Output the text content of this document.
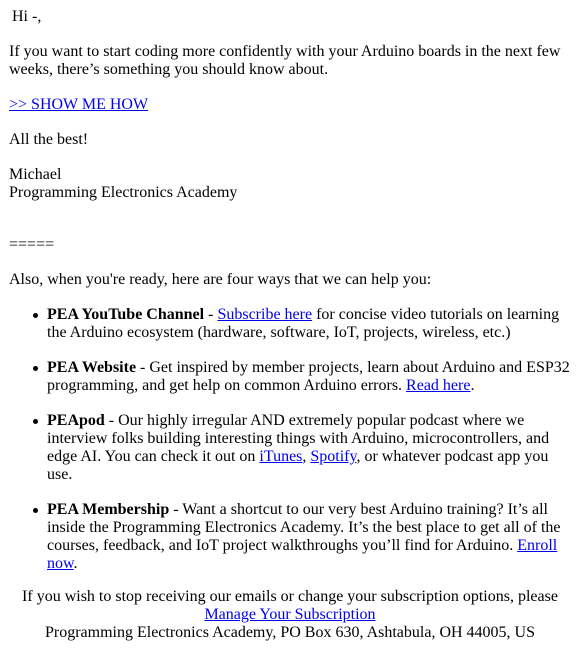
Hi -,

If you want to start coding more confidently with your Arduino boards in the next few weeks, there’s something you should know about.

>> SHOW ME HOW

All the best!

Michael
Programming Electronics Academy

=====

Also, when you're ready, here are four ways that we can help you:

PEA YouTube Channel - Subscribe here for concise video tutorials on learning the Arduino ecosystem (hardware, software, IoT, projects, wireless, etc.)
PEA Website - Get inspired by member projects, learn about Arduino and ESP32 programming, and get help on common Arduino errors. Read here.
PEApod - Our highly irregular AND extremely popular podcast where we interview folks building interesting things with Arduino, microcontrollers, and edge AI. You can check it out on iTunes, Spotify, or whatever podcast app you use.
PEA Membership - Want a shortcut to our very best Arduino training? It’s all inside the Programming Electronics Academy. It’s the best place to get all of the courses, feedback, and IoT project walkthroughs you’ll find for Arduino. Enroll now.
If you wish to stop receiving our emails or change your subscription options, please
Manage Your Subscription
Programming Electronics Academy, PO Box 630, Ashtabula, OH 44005, US
